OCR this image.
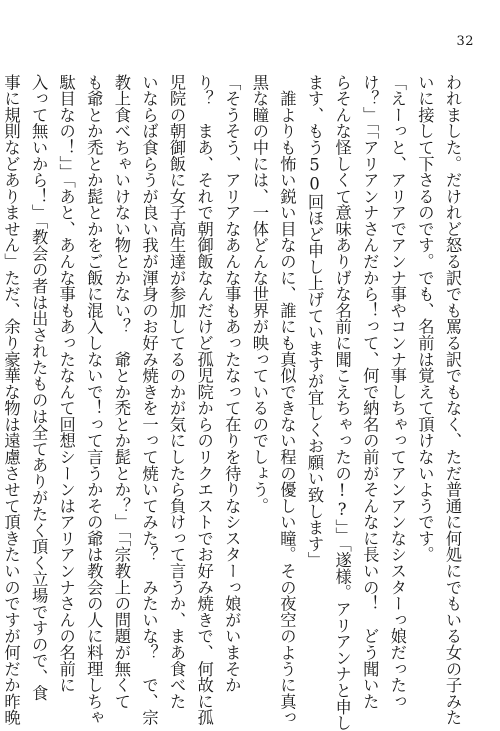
32
われました。だけれど怒る訳でも罵る訳でもなく、ただ普通に何処にでもいる女の子みた
いに接して下さるのです。でも、名前は覚えて頂けないようです。
「えーっと、アリアでアンナ事やコンナ事しちゃってアンアンなシスターっ娘だったっ
け？」「「アリアンナさんだから！って、何で納名の前がそんなに長いの！　どう聞いた
らそんな怪しくて意味ありげな名前に聞こえちゃったの!?」」「遂様。アリアンナと申し
ます、もう50回ほど申し上げていますが宜しくお願い致します」
　誰よりも怖い鋭い目なのに、誰にも真似できない程の優しい瞳。その夜空のように真っ
黒な瞳の中には、一体どんな世界が映っているのでしょう。
「そうそう、アリアなあんな事もあったなって在りを待りなシスターっ娘がいまそか
り？　まあ、それで朝御飯なんだけど孤児院からのリクエストでお好み焼きで、何故に孤
児院の朝御飯に女子高生達が参加してるのかが気にしたら負けって言うか、まあ食べた
いならば食らうが良い我が渾身のお好み焼きを一って焼いてみた？　みたいな？　で、宗
教上食べちゃいけない物とかない？　爺とか禿とか髭とか？」「「宗教上の問題が無くて
も爺とか禿とか髭とかをご飯に混入しないで！って言うかその爺は教会の人に料理しちゃ
駄目なの！」」「あと、あんな事もあったなんて回想シーンはアリアンナさんの名前に
入って無いから！」「教会の者は出されたものは全てありがたく頂く立場ですので、食
事に規則などありません」ただ、余り豪華な物は遠慮させて頂きたいのですが何だか昨晩
